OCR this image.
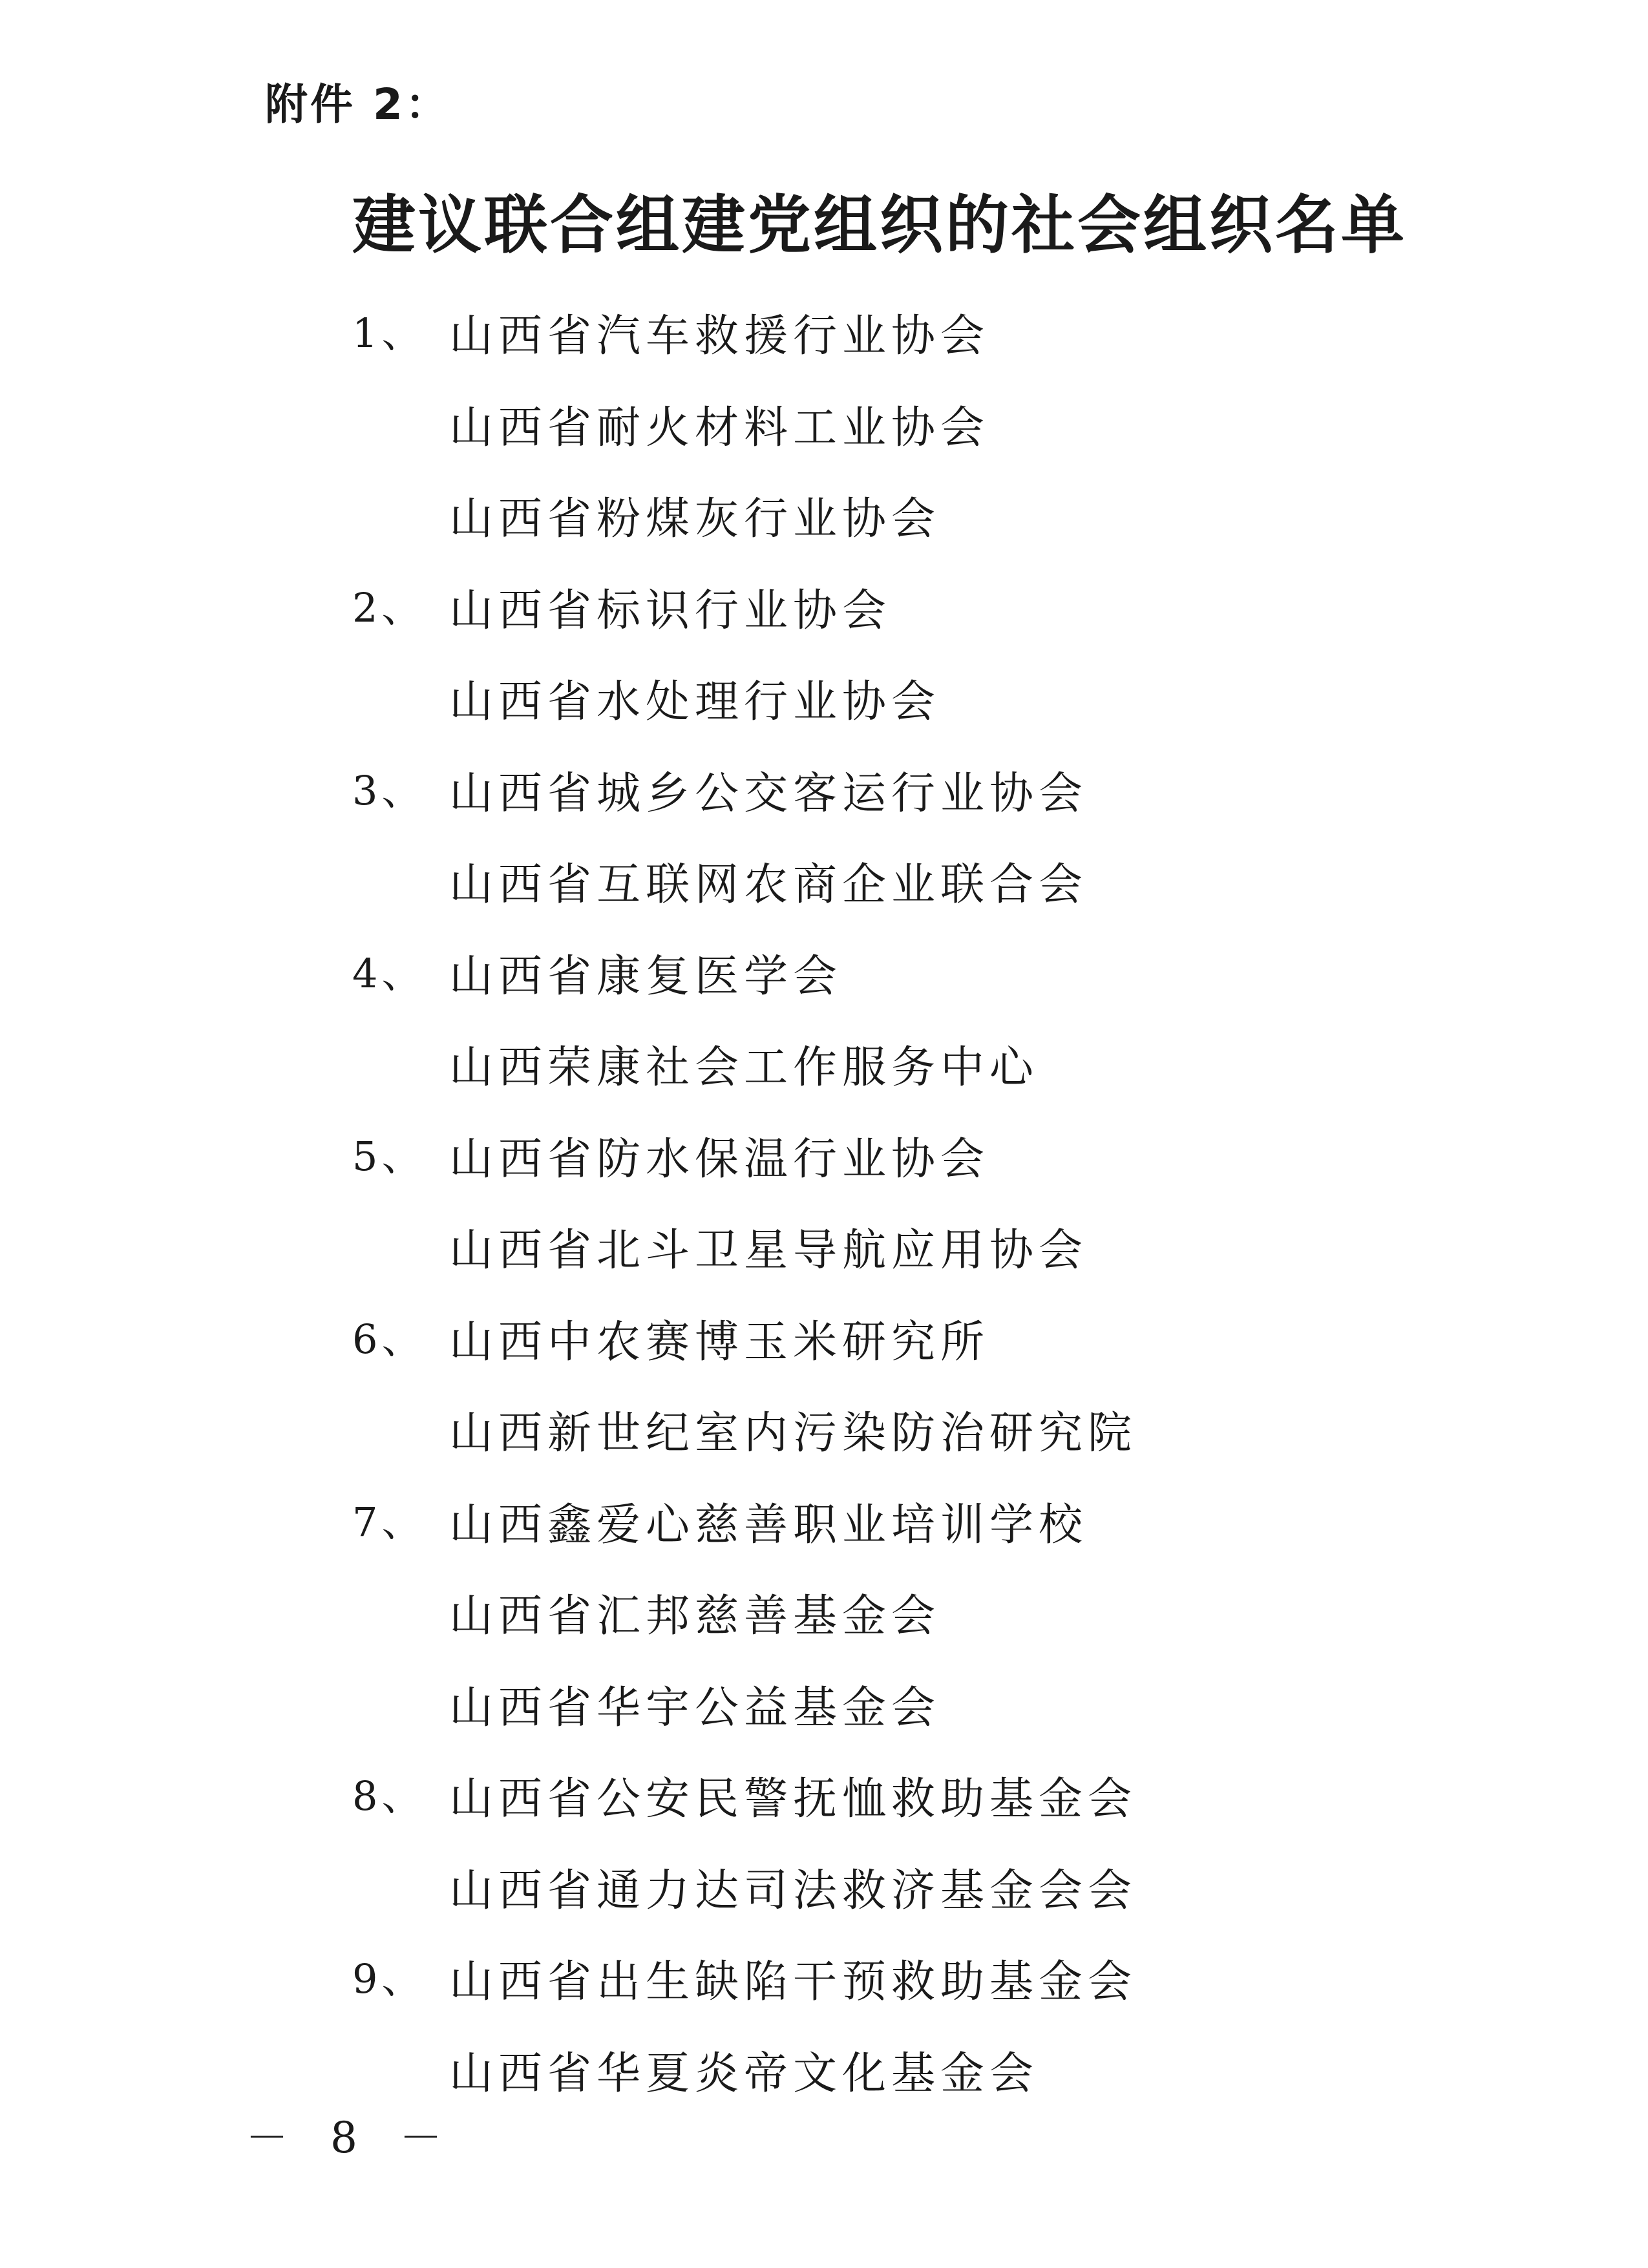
附件 2：

建议联合组建党组织的社会组织名单
1、 山西省汽车救援行业协会
山西省耐火材料工业协会
山西省粉煤灰行业协会
2、 山西省标识行业协会
山西省水处理行业协会
3、 山西省城乡公交客运行业协会
山西省互联网农商企业联合会
4、 山西省康复医学会
山西荣康社会工作服务中心
5、 山西省防水保温行业协会
山西省北斗卫星导航应用协会
6、 山西中农赛博玉米研究所
山西新世纪室内污染防治研究院
7、 山西鑫爱心慈善职业培训学校
山西省汇邦慈善基金会
山西省华宇公益基金会
8、 山西省公安民警抚恤救助基金会
山西省通力达司法救济基金会会
9、 山西省出生缺陷干预救助基金会
山西省华夏炎帝文化基金会

－ 8 －
